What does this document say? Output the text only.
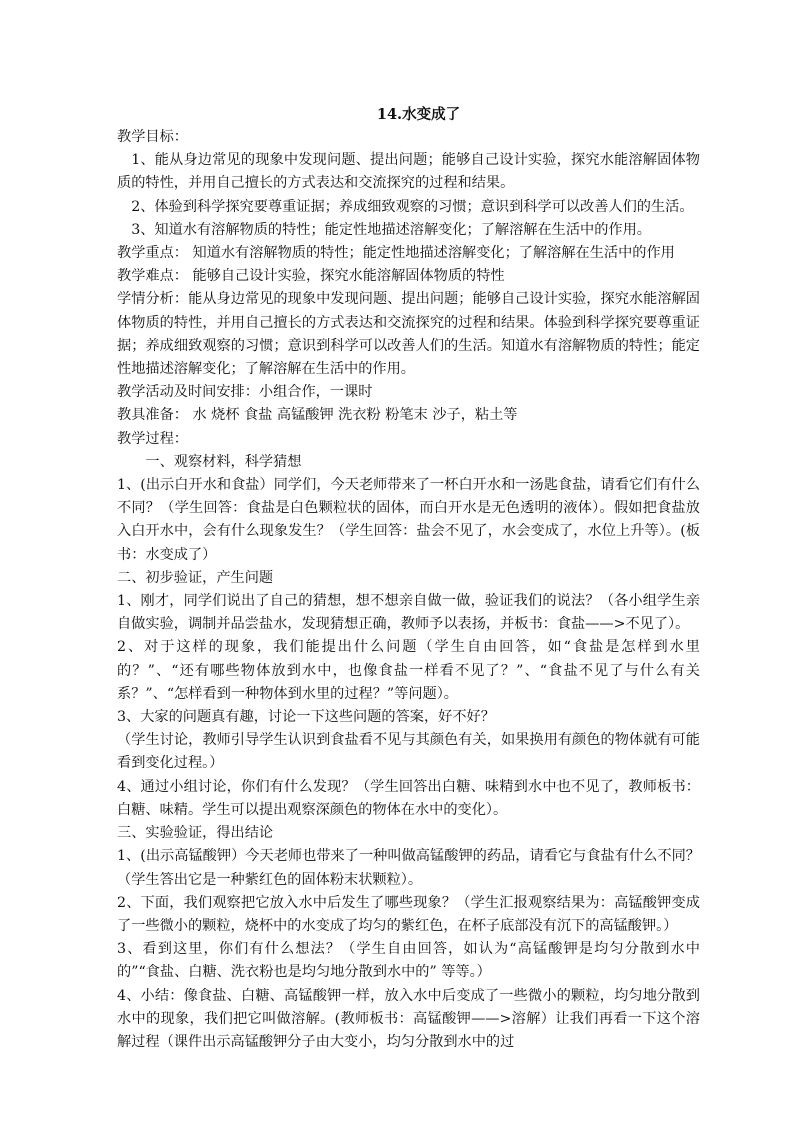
14.水变成了

教学目标：

1、能从身边常见的现象中发现问题、提出问题；能够自己设计实验，探究水能溶解固体物质的特性，并用自己擅长的方式表达和交流探究的过程和结果。

2、体验到科学探究要尊重证据；养成细致观察的习惯；意识到科学可以改善人们的生活。

3、知道水有溶解物质的特性；能定性地描述溶解变化；了解溶解在生活中的作用。

教学重点： 知道水有溶解物质的特性；能定性地描述溶解变化；了解溶解在生活中的作用

教学难点： 能够自己设计实验，探究水能溶解固体物质的特性

学情分析：能从身边常见的现象中发现问题、提出问题；能够自己设计实验，探究水能溶解固体物质的特性，并用自己擅长的方式表达和交流探究的过程和结果。体验到科学探究要尊重证据；养成细致观察的习惯；意识到科学可以改善人们的生活。知道水有溶解物质的特性；能定性地描述溶解变化；了解溶解在生活中的作用。

教学活动及时间安排：小组合作，一课时

教具准备： 水 烧杯 食盐 高锰酸钾 洗衣粉 粉笔末 沙子，粘土等

教学过程：

一、观察材料，科学猜想

1、(出示白开水和食盐）同学们，今天老师带来了一杯白开水和一汤匙食盐，请看它们有什么不同？（学生回答：食盐是白色颗粒状的固体，而白开水是无色透明的液体）。假如把食盐放入白开水中，会有什么现象发生？（学生回答：盐会不见了，水会变成了，水位上升等）。(板书：水变成了）

二、初步验证，产生问题

1、刚才，同学们说出了自己的猜想，想不想亲自做一做，验证我们的说法？（各小组学生亲自做实验，调制并品尝盐水，发现猜想正确，教师予以表扬，并板书：食盐——>不见了）。

2、对于这样的现象，我们能提出什么问题（学生自由回答，如“食盐是怎样到水里的？”、“还有哪些物体放到水中，也像食盐一样看不见了？”、“食盐不见了与什么有关系？”、“怎样看到一种物体到水里的过程？”等问题）。

3、大家的问题真有趣，讨论一下这些问题的答案，好不好？

（学生讨论，教师引导学生认识到食盐看不见与其颜色有关，如果换用有颜色的物体就有可能看到变化过程。）

4、通过小组讨论，你们有什么发现？（学生回答出白糖、味精到水中也不见了，教师板书：白糖、味精。学生可以提出观察深颜色的物体在水中的变化）。

三、实验验证，得出结论

1、(出示高锰酸钾）今天老师也带来了一种叫做高锰酸钾的药品，请看它与食盐有什么不同？（学生答出它是一种紫红色的固体粉末状颗粒）。

2、下面，我们观察把它放入水中后发生了哪些现象？（学生汇报观察结果为：高锰酸钾变成了一些微小的颗粒，烧杯中的水变成了均匀的紫红色，在杯子底部没有沉下的高锰酸钾。）

3、看到这里，你们有什么想法？（学生自由回答，如认为“高锰酸钾是均匀分散到水中的”“食盐、白糖、洗衣粉也是均匀地分散到水中的” 等等。）

4、小结：像食盐、白糖、高锰酸钾一样，放入水中后变成了一些微小的颗粒，均匀地分散到水中的现象，我们把它叫做溶解。(教师板书：高锰酸钾——>溶解）让我们再看一下这个溶解过程（课件出示高锰酸钾分子由大变小，均匀分散到水中的过
